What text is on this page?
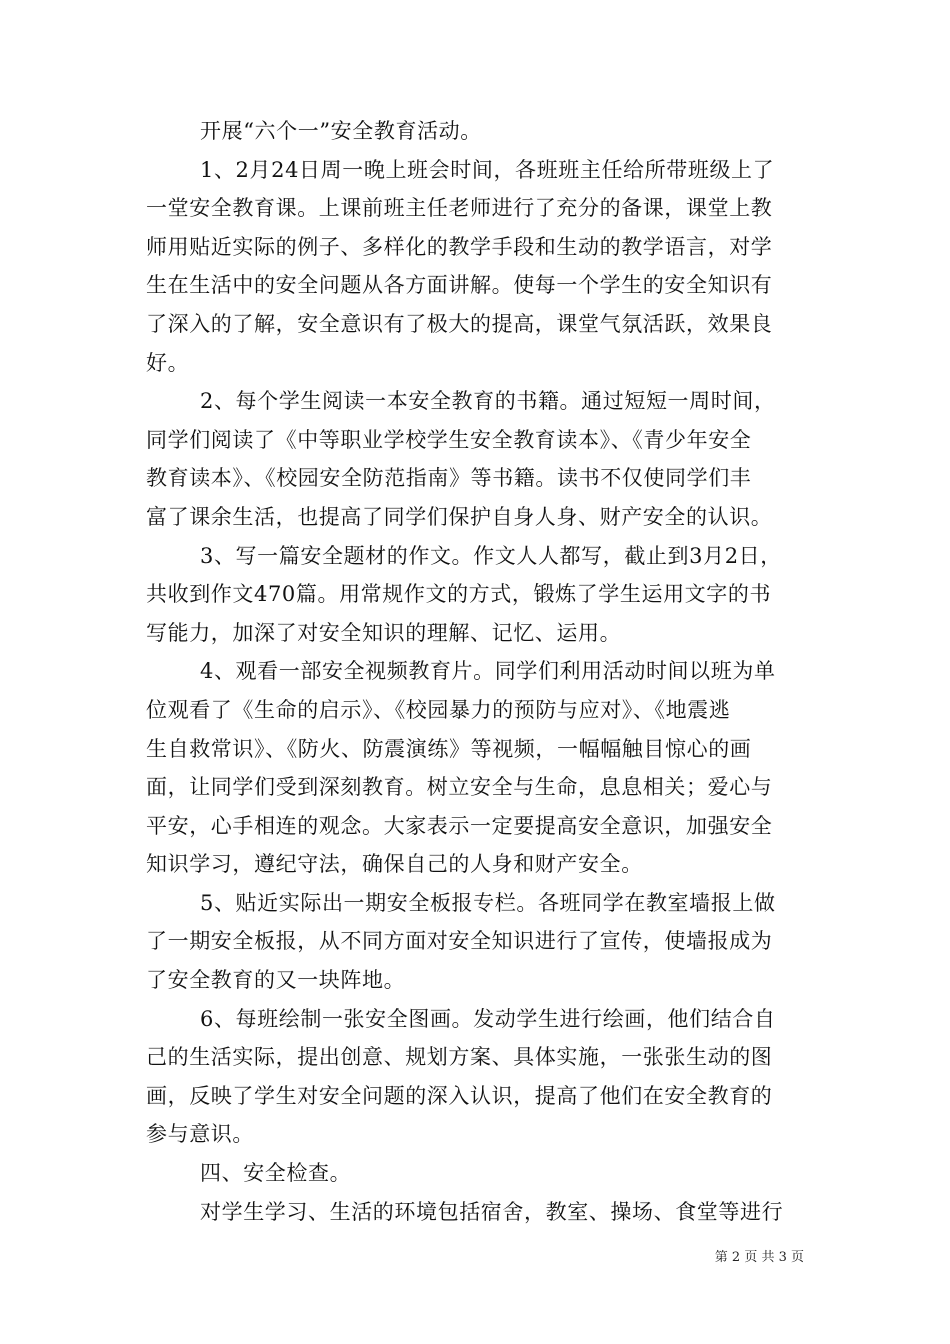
开展“六个一”安全教育活动。
1、2月24日周一晚上班会时间，各班班主任给所带班级上了
一堂安全教育课。上课前班主任老师进行了充分的备课，课堂上教
师用贴近实际的例子、多样化的教学手段和生动的教学语言，对学
生在生活中的安全问题从各方面讲解。使每一个学生的安全知识有
了深入的了解，安全意识有了极大的提高，课堂气氛活跃，效果良
好。
2、每个学生阅读一本安全教育的书籍。通过短短一周时间，
同学们阅读了《中等职业学校学生安全教育读本》、《青少年安全
教育读本》、《校园安全防范指南》等书籍。读书不仅使同学们丰
富了课余生活，也提高了同学们保护自身人身、财产安全的认识。
3、写一篇安全题材的作文。作文人人都写，截止到3月2日，
共收到作文470篇。用常规作文的方式，锻炼了学生运用文字的书
写能力，加深了对安全知识的理解、记忆、运用。
4、观看一部安全视频教育片。同学们利用活动时间以班为单
位观看了《生命的启示》、《校园暴力的预防与应对》、《地震逃
生自救常识》、《防火、防震演练》等视频，一幅幅触目惊心的画
面，让同学们受到深刻教育。树立安全与生命，息息相关；爱心与
平安，心手相连的观念。大家表示一定要提高安全意识，加强安全
知识学习，遵纪守法，确保自己的人身和财产安全。
5、贴近实际出一期安全板报专栏。各班同学在教室墙报上做
了一期安全板报，从不同方面对安全知识进行了宣传，使墙报成为
了安全教育的又一块阵地。
6、每班绘制一张安全图画。发动学生进行绘画，他们结合自
己的生活实际，提出创意、规划方案、具体实施，一张张生动的图
画，反映了学生对安全问题的深入认识，提高了他们在安全教育的
参与意识。
四、安全检查。
对学生学习、生活的环境包括宿舍，教室、操场、食堂等进行
第 2 页 共 3 页
